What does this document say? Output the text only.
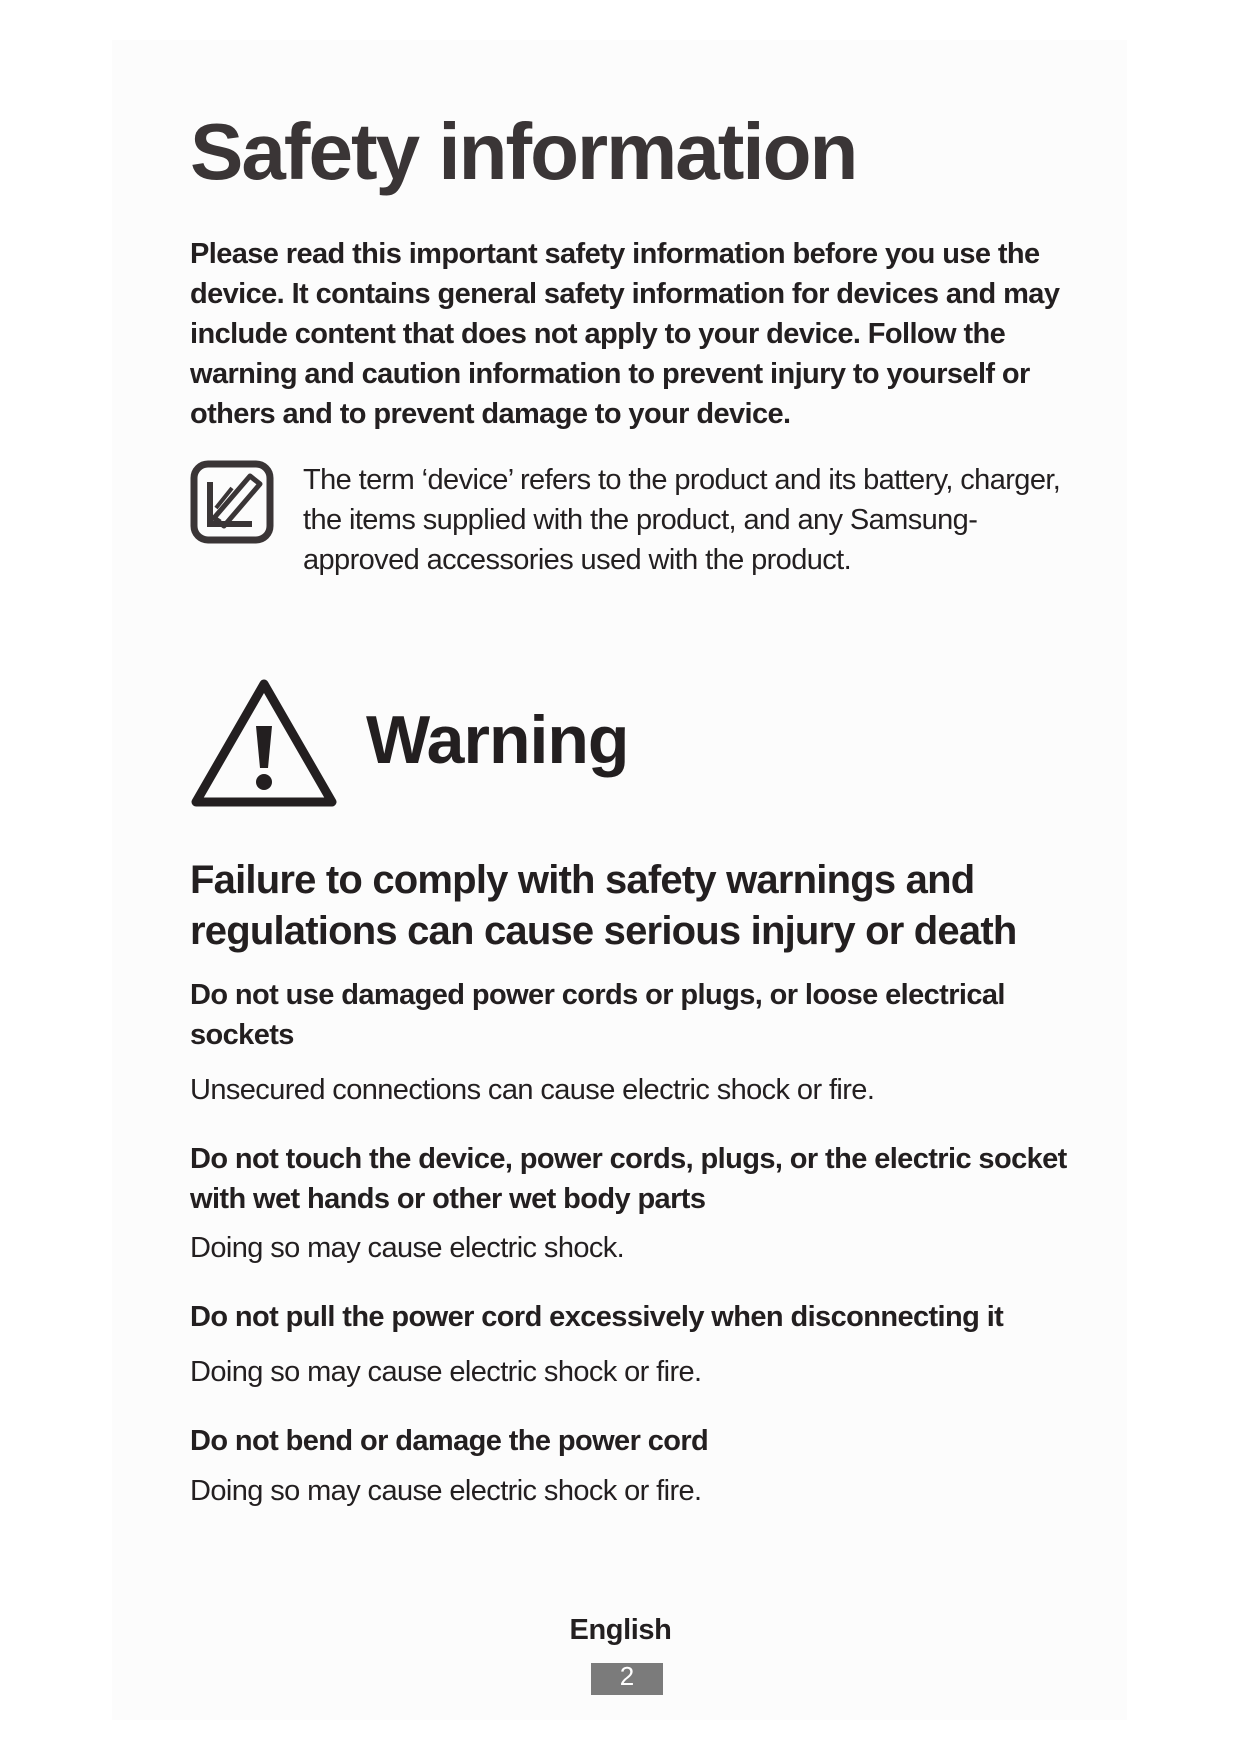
Safety information

Please read this important safety information before you use the device. It contains general safety information for devices and may include content that does not apply to your device. Follow the warning and caution information to prevent injury to yourself or others and to prevent damage to your device.

The term ‘device’ refers to the product and its battery, charger, the items supplied with the product, and any Samsung-approved accessories used with the product.

Warning
Failure to comply with safety warnings and regulations can cause serious injury or death

Do not use damaged power cords or plugs, or loose electrical sockets

Unsecured connections can cause electric shock or fire.

Do not touch the device, power cords, plugs, or the electric socket with wet hands or other wet body parts

Doing so may cause electric shock.

Do not pull the power cord excessively when disconnecting it

Doing so may cause electric shock or fire.

Do not bend or damage the power cord

Doing so may cause electric shock or fire.

English
2
